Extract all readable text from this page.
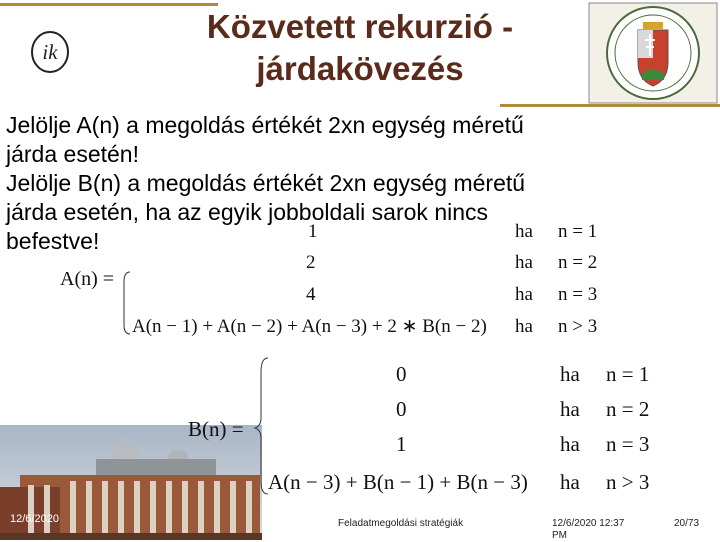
ik
Közvetett rekurzió -
járdakövezés
Jelölje A(n) a megoldás értékét 2xn egység méretű
járda esetén!
Jelölje B(n) a megoldás értékét 2xn egység méretű
járda esetén, ha az egyik jobboldali sarok nincs
befestve!
A(n) =
1	ha n = 1
2	ha n = 2
4	ha n = 3
A(n − 1) + A(n − 2) + A(n − 3) + 2 ∗ B(n − 2) ha n > 3
B(n) =
0	ha n = 1
0	ha n = 2
1	ha n = 3
A(n − 3) + B(n − 1) + B(n − 3) ha n > 3
12/6/2020	Feladatmegoldási stratégiák	12/6/2020 12:37
PM
20/73
